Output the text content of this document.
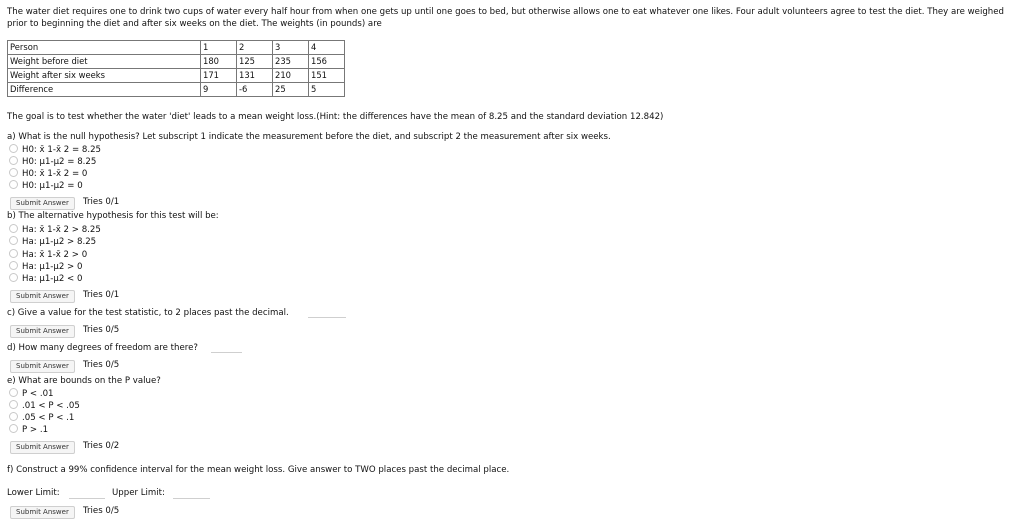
The water diet requires one to drink two cups of water every half hour from when one gets up until one goes to bed, but otherwise allows one to eat whatever one likes. Four adult volunteers agree to test the diet. They are weighed prior to beginning the diet and after six weeks on the diet. The weights (in pounds) are
Person	1	2	3	4
Weight before diet	180	125	235	156
Weight after six weeks	171	131	210	151
Difference	9	-6	25	5
The goal is to test whether the water 'diet' leads to a mean weight loss.(Hint: the differences have the mean of 8.25 and the standard deviation 12.842)
a) What is the null hypothesis? Let subscript 1 indicate the measurement before the diet, and subscript 2 the measurement after six weeks.
H0: x̄ 1-x̄ 2 = 8.25
H0: μ1-μ2 = 8.25
H0: x̄ 1-x̄ 2 = 0
H0: μ1-μ2 = 0
Submit Answer	Tries 0/1
b) The alternative hypothesis for this test will be:
Ha: x̄ 1-x̄ 2 > 8.25
Ha: μ1-μ2 > 8.25
Ha: x̄ 1-x̄ 2 > 0
Ha: μ1-μ2 > 0
Ha: μ1-μ2 < 0
Submit Answer	Tries 0/1
c) Give a value for the test statistic, to 2 places past the decimal.
Submit Answer	Tries 0/5
d) How many degrees of freedom are there?
Submit Answer	Tries 0/5
e) What are bounds on the P value?
P < .01
.01 < P < .05
.05 < P < .1
P > .1
Submit Answer	Tries 0/2
f) Construct a 99% confidence interval for the mean weight loss. Give answer to TWO places past the decimal place.
Lower Limit:	Upper Limit:
Submit Answer	Tries 0/5
